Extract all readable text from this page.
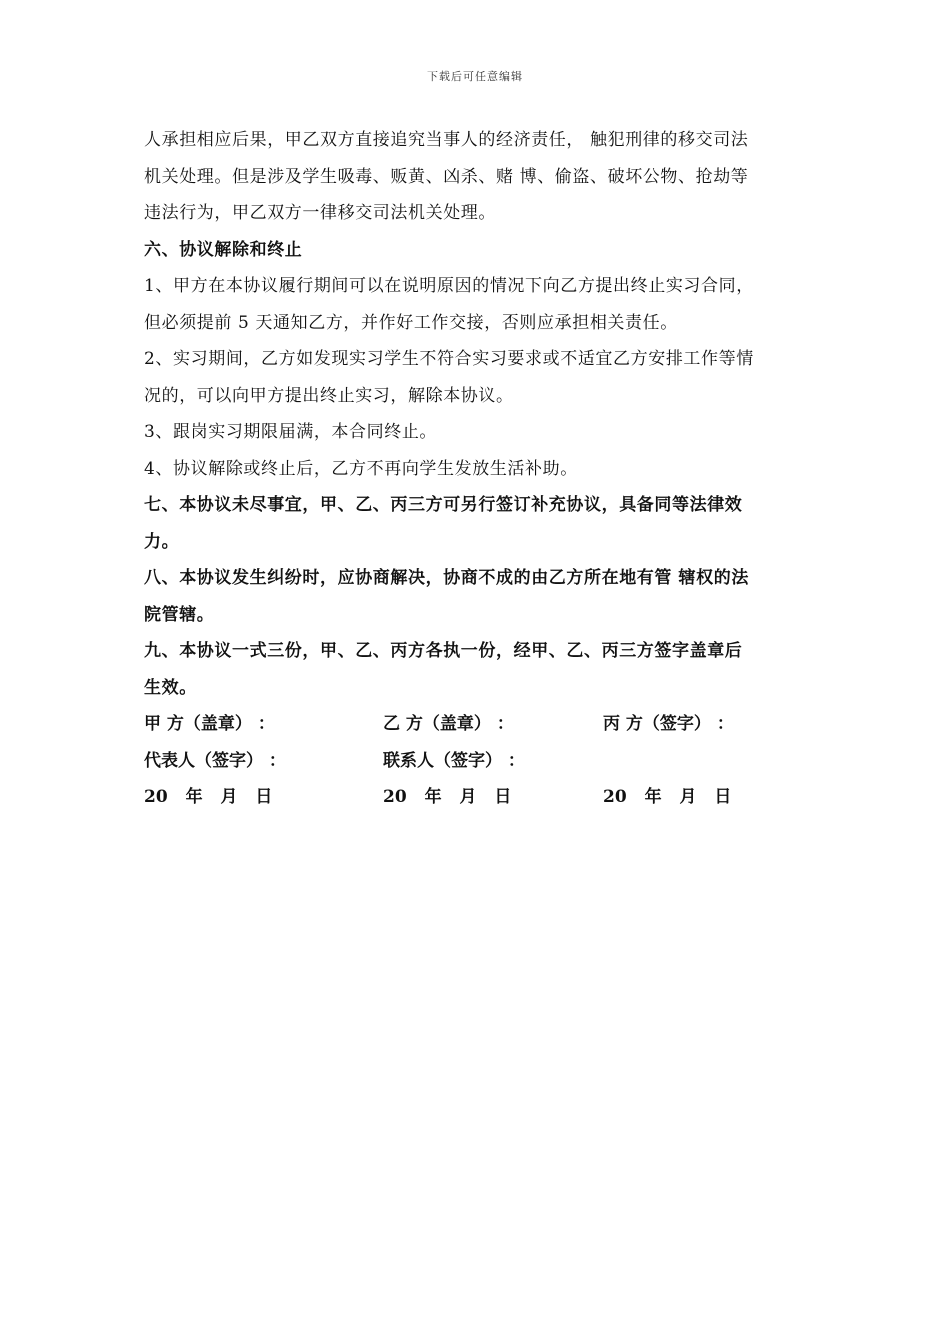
下载后可任意编辑
人承担相应后果，甲乙双方直接追究当事人的经济责任， 触犯刑律的移交司法
机关处理。但是涉及学生吸毒、贩黄、凶杀、赌 博、偷盗、破坏公物、抢劫等
违法行为，甲乙双方一律移交司法机关处理。
六、协议解除和终止
1、甲方在本协议履行期间可以在说明原因的情况下向乙方提出终止实习合同，
但必须提前 5 天通知乙方，并作好工作交接，否则应承担相关责任。
2、实习期间，乙方如发现实习学生不符合实习要求或不适宜乙方安排工作等情
况的，可以向甲方提出终止实习，解除本协议。
3、跟岗实习期限届满，本合同终止。
4、协议解除或终止后，乙方不再向学生发放生活补助。
七、本协议未尽事宜，甲、乙、丙三方可另行签订补充协议，具备同等法律效
力。
八、本协议发生纠纷时，应协商解决，协商不成的由乙方所在地有管 辖权的法
院管辖。
九、本协议一式三份，甲、乙、丙方各执一份，经甲、乙、丙三方签字盖章后
生效。
甲 方（盖章） ：	乙 方（盖章） ：	丙 方（签字） ：
代表人（签字） ：	联系人（签字） ：
20 年 月 日	20 年 月 日	20 年 月 日
